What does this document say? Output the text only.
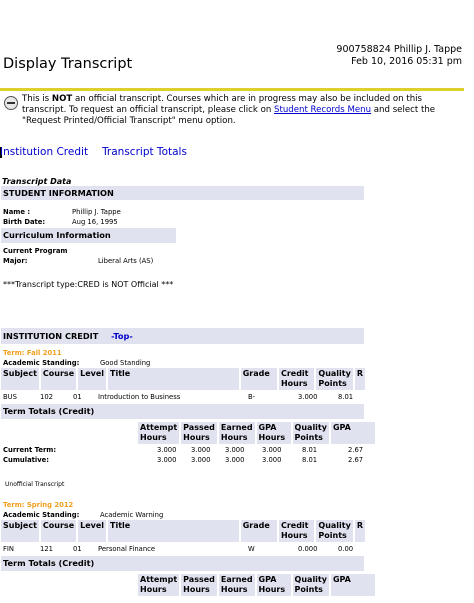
900758824 Phillip J. Tappe
Feb 10, 2016 05:31 pm
Display Transcript
This is NOT an official transcript. Courses which are in progress may also be included on this transcript. To request an official transcript, please click on Student Records Menu and select the "Request Printed/Official Transcript" menu option.
Institution Credit Transcript Totals
Transcript Data
STUDENT INFORMATION
Name :	Phillip J. Tappe
Birth Date:	Aug 16, 1995
Curriculum Information
Current Program
Major:	Liberal Arts (AS)
***Transcript type:CRED is NOT Official ***
INSTITUTION CREDIT -Top-
Term: Fall 2011
Academic Standing:	Good Standing
Subject	Course	Level	Title	Grade	Credit Hours	Quality Points	R
BUS	102	01 Introduction to Business	B-	3.000	8.01
Term Totals (Credit)
Attempt Hours	Passed Hours	Earned Hours	GPA Hours	Quality Points	GPA
Current Term:	3.000 3.000 3.000	3.000	8.01	2.67
Cumulative:	3.000 3.000 3.000	3.000	8.01	2.67
Unofficial Transcript
Term: Spring 2012
Academic Standing:	Academic Warning
Subject	Course	Level	Title	Grade	Credit Hours	Quality Points	R
FIN	121	01 Personal Finance	W	0.000	0.00
Term Totals (Credit)
Attempt Hours	Passed Hours	Earned Hours	GPA Hours	Quality Points	GPA
